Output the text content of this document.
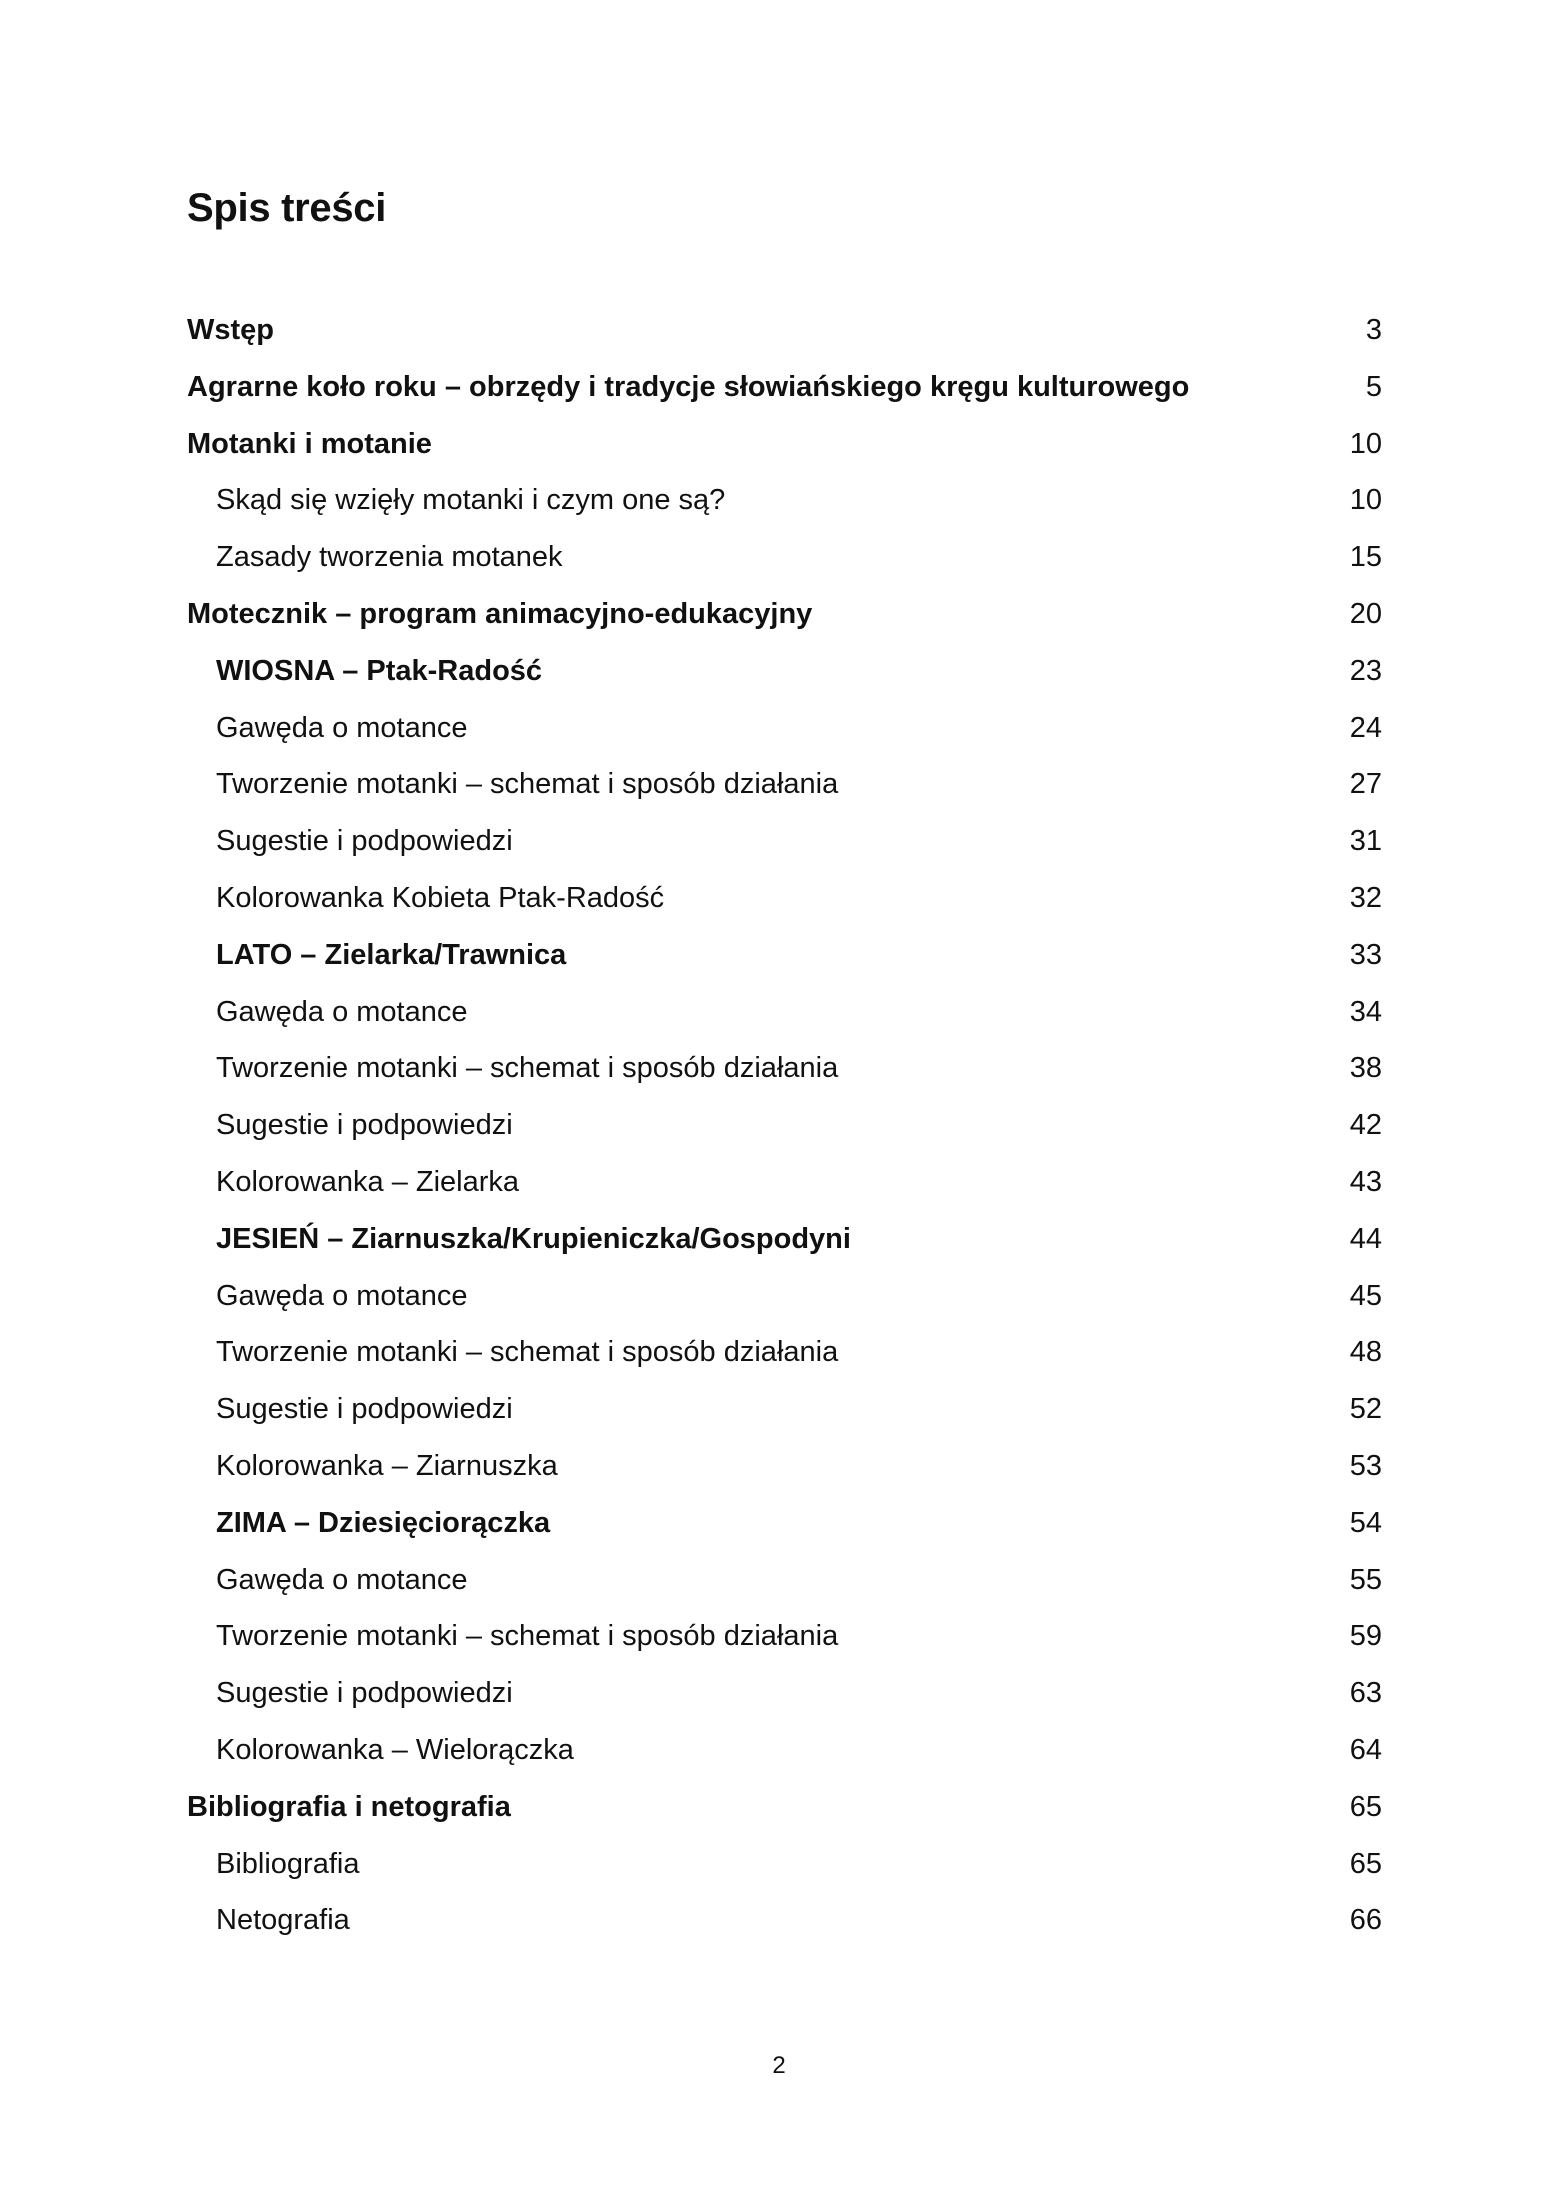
Spis treści
Wstęp	3
Agrarne koło roku – obrzędy i tradycje słowiańskiego kręgu kulturowego	5
Motanki i motanie	10
Skąd się wzięły motanki i czym one są?	10
Zasady tworzenia motanek	15
Motecznik – program animacyjno-edukacyjny	20
WIOSNA – Ptak-Radość	23
Gawęda o motance	24
Tworzenie motanki – schemat i sposób działania	27
Sugestie i podpowiedzi	31
Kolorowanka Kobieta Ptak-Radość	32
LATO – Zielarka/Trawnica	33
Gawęda o motance	34
Tworzenie motanki – schemat i sposób działania	38
Sugestie i podpowiedzi	42
Kolorowanka – Zielarka	43
JESIEŃ – Ziarnuszka/Krupieniczka/Gospodyni	44
Gawęda o motance	45
Tworzenie motanki – schemat i sposób działania	48
Sugestie i podpowiedzi	52
Kolorowanka – Ziarnuszka	53
ZIMA – Dziesięciorączka	54
Gawęda o motance	55
Tworzenie motanki – schemat i sposób działania	59
Sugestie i podpowiedzi	63
Kolorowanka – Wielorączka	64
Bibliografia i netografia	65
Bibliografia	65
Netografia	66
2
